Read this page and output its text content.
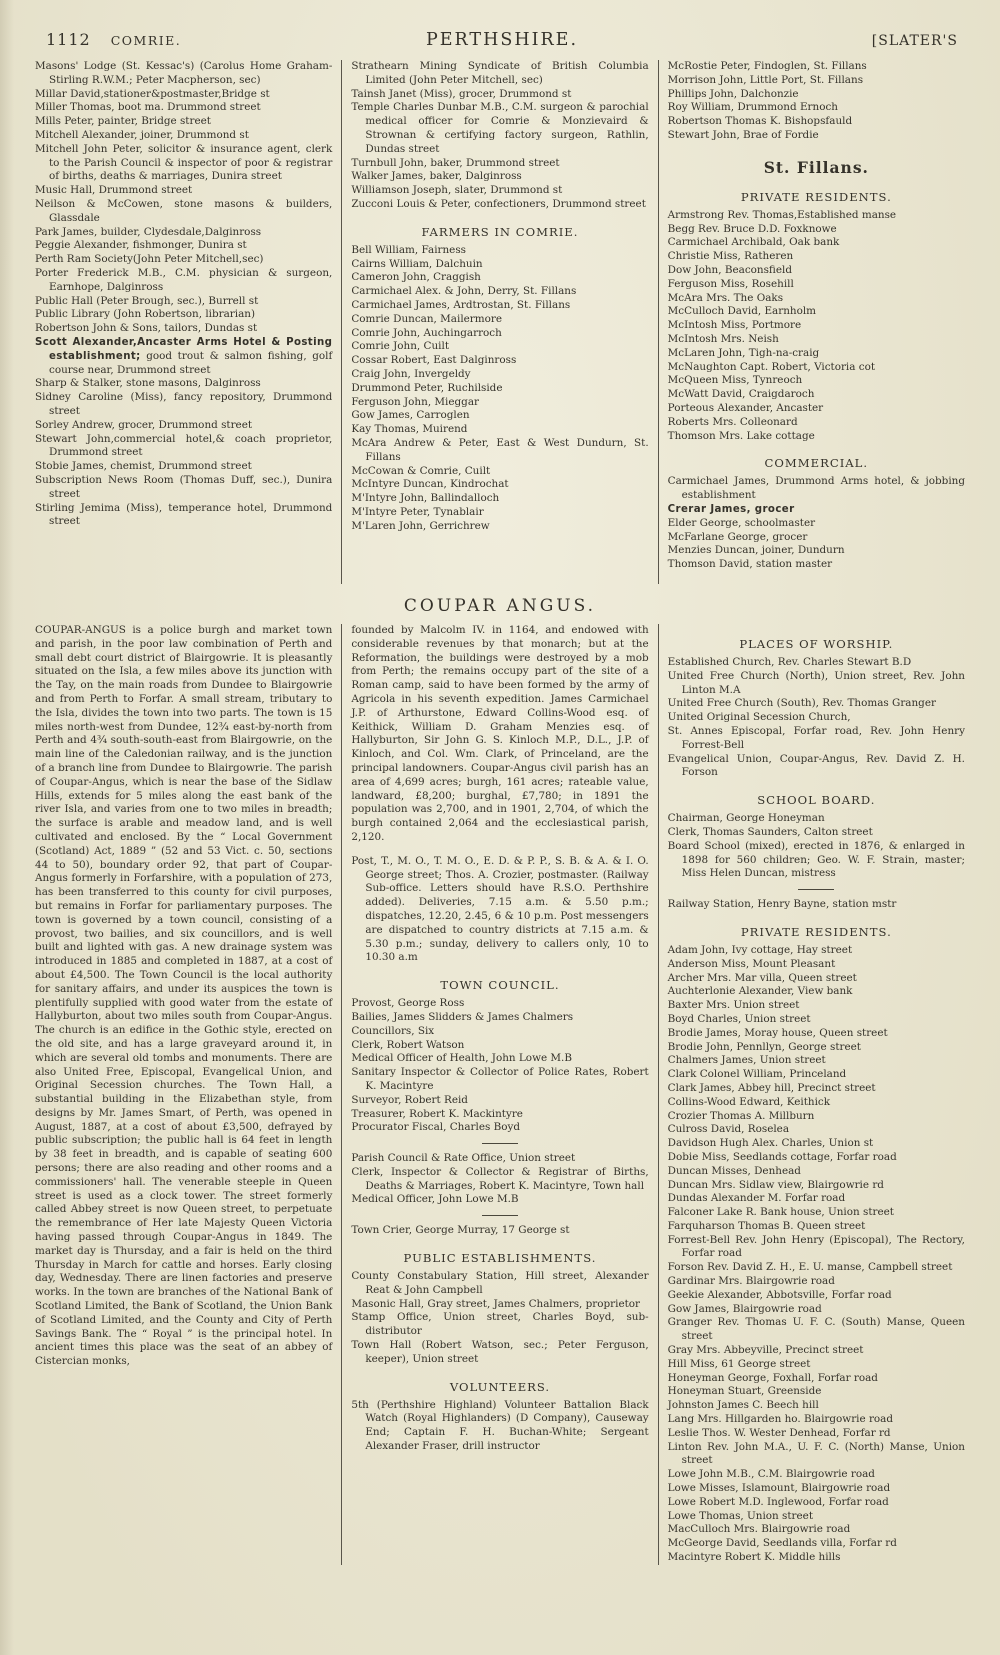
1112 COMRIE.	PERTHSHIRE.	[SLATER'S
Masons' Lodge (St. Kessac's) (Carolus Home Graham-Stirling R.W.M.; Peter Macpherson, sec)
Millar David,stationer&postmaster,Bridge st
Miller Thomas, boot ma. Drummond street
Mills Peter, painter, Bridge street
Mitchell Alexander, joiner, Drummond st
Mitchell John Peter, solicitor & insurance agent, clerk to the Parish Council & inspector of poor & registrar of births, deaths & marriages, Dunira street
Music Hall, Drummond street
Neilson & McCowen, stone masons & builders, Glassdale
Park James, builder, Clydesdale,Dalginross
Peggie Alexander, fishmonger, Dunira st
Perth Ram Society(John Peter Mitchell,sec)
Porter Frederick M.B., C.M. physician & surgeon, Earnhope, Dalginross
Public Hall (Peter Brough, sec.), Burrell st
Public Library (John Robertson, librarian)
Robertson John & Sons, tailors, Dundas st
Scott Alexander,Ancaster Arms Hotel & Posting establishment; good trout & salmon fishing, golf course near, Drummond street
Sharp & Stalker, stone masons, Dalginross
Sidney Caroline (Miss), fancy repository, Drummond street
Sorley Andrew, grocer, Drummond street
Stewart John,commercial hotel,& coach proprietor, Drummond street
Stobie James, chemist, Drummond street
Subscription News Room (Thomas Duff, sec.), Dunira street
Stirling Jemima (Miss), temperance hotel, Drummond street
Strathearn Mining Syndicate of British Columbia Limited (John Peter Mitchell, sec)
Tainsh Janet (Miss), grocer, Drummond st
Temple Charles Dunbar M.B., C.M. surgeon & parochial medical officer for Comrie & Monzievaird & Strownan & certifying factory surgeon, Rathlin, Dundas street
Turnbull John, baker, Drummond street
Walker James, baker, Dalginross
Williamson Joseph, slater, Drummond st
Zucconi Louis & Peter, confectioners, Drummond street
FARMERS IN COMRIE.
Bell William, Fairness
Cairns William, Dalchuin
Cameron John, Craggish
Carmichael Alex. & John, Derry, St. Fillans
Carmichael James, Ardtrostan, St. Fillans
Comrie Duncan, Mailermore
Comrie John, Auchingarroch
Comrie John, Cuilt
Cossar Robert, East Dalginross
Craig John, Invergeldy
Drummond Peter, Ruchilside
Ferguson John, Mieggar
Gow James, Carroglen
Kay Thomas, Muirend
McAra Andrew & Peter, East & West Dundurn, St. Fillans
McCowan & Comrie, Cuilt
McIntyre Duncan, Kindrochat
M'Intyre John, Ballindalloch
M'Intyre Peter, Tynablair
M'Laren John, Gerrichrew
McRostie Peter, Findoglen, St. Fillans
Morrison John, Little Port, St. Fillans
Phillips John, Dalchonzie
Roy William, Drummond Ernoch
Robertson Thomas K. Bishopsfauld
Stewart John, Brae of Fordie
St. Fillans.
PRIVATE RESIDENTS.
Armstrong Rev. Thomas,Established manse
Begg Rev. Bruce D.D. Foxknowe
Carmichael Archibald, Oak bank
Christie Miss, Ratheren
Dow John, Beaconsfield
Ferguson Miss, Rosehill
McAra Mrs. The Oaks
McCulloch David, Earnholm
McIntosh Miss, Portmore
McIntosh Mrs. Neish
McLaren John, Tigh-na-craig
McNaughton Capt. Robert, Victoria cot
McQueen Miss, Tynreoch
McWatt David, Craigdaroch
Porteous Alexander, Ancaster
Roberts Mrs. Colleonard
Thomson Mrs. Lake cottage
COMMERCIAL.
Carmichael James, Drummond Arms hotel, & jobbing establishment
Crerar James, grocer
Elder George, schoolmaster
McFarlane George, grocer
Menzies Duncan, joiner, Dundurn
Thomson David, station master
COUPAR ANGUS.
COUPAR-ANGUS is a police burgh and market town and parish, in the poor law combination of Perth and small debt court district of Blairgowrie. It is pleasantly situated on the Isla, a few miles above its junction with the Tay, on the main roads from Dundee to Blairgowrie and from Perth to Forfar. A small stream, tributary to the Isla, divides the town into two parts. The town is 15 miles north-west from Dundee, 12¾ east-by-north from Perth and 4¾ south-south-east from Blairgowrie, on the main line of the Caledonian railway, and is the junction of a branch line from Dundee to Blairgowrie. The parish of Coupar-Angus, which is near the base of the Sidlaw Hills, extends for 5 miles along the east bank of the river Isla, and varies from one to two miles in breadth; the surface is arable and meadow land, and is well cultivated and enclosed. By the “ Local Government (Scotland) Act, 1889 ” (52 and 53 Vict. c. 50, sections 44 to 50), boundary order 92, that part of Coupar-Angus formerly in Forfarshire, with a population of 273, has been transferred to this county for civil purposes, but remains in Forfar for parliamentary purposes. The town is governed by a town council, consisting of a provost, two bailies, and six councillors, and is well built and lighted with gas. A new drainage system was introduced in 1885 and completed in 1887, at a cost of about £4,500. The Town Council is the local authority for sanitary affairs, and under its auspices the town is plentifully supplied with good water from the estate of Hallyburton, about two miles south from Coupar-Angus. The church is an edifice in the Gothic style, erected on the old site, and has a large graveyard around it, in which are several old tombs and monuments. There are also United Free, Episcopal, Evangelical Union, and Original Secession churches. The Town Hall, a substantial building in the Elizabethan style, from designs by Mr. James Smart, of Perth, was opened in August, 1887, at a cost of about £3,500, defrayed by public subscription; the public hall is 64 feet in length by 38 feet in breadth, and is capable of seating 600 persons; there are also reading and other rooms and a commissioners' hall. The venerable steeple in Queen street is used as a clock tower. The street formerly called Abbey street is now Queen street, to perpetuate the remembrance of Her late Majesty Queen Victoria having passed through Coupar-Angus in 1849. The market day is Thursday, and a fair is held on the third Thursday in March for cattle and horses. Early closing day, Wednesday. There are linen factories and preserve works. In the town are branches of the National Bank of Scotland Limited, the Bank of Scotland, the Union Bank of Scotland Limited, and the County and City of Perth Savings Bank. The “ Royal ” is the principal hotel. In ancient times this place was the seat of an abbey of Cistercian monks,
founded by Malcolm IV. in 1164, and endowed with considerable revenues by that monarch; but at the Reformation, the buildings were destroyed by a mob from Perth; the remains occupy part of the site of a Roman camp, said to have been formed by the army of Agricola in his seventh expedition. James Carmichael J.P. of Arthurstone, Edward Collins-Wood esq. of Keithick, William D. Graham Menzies esq. of Hallyburton, Sir John G. S. Kinloch M.P., D.L., J.P. of Kinloch, and Col. Wm. Clark, of Princeland, are the principal landowners. Coupar-Angus civil parish has an area of 4,699 acres; burgh, 161 acres; rateable value, landward, £8,200; burghal, £7,780; in 1891 the population was 2,700, and in 1901, 2,704, of which the burgh contained 2,064 and the ecclesiastical parish, 2,120.
Post, T., M. O., T. M. O., E. D. & P. P., S. B. & A. & I. O. George street; Thos. A. Crozier, postmaster. (Railway Sub-office. Letters should have R.S.O. Perthshire added). Deliveries, 7.15 a.m. & 5.50 p.m.; dispatches, 12.20, 2.45, 6 & 10 p.m. Post messengers are dispatched to country districts at 7.15 a.m. & 5.30 p.m.; sunday, delivery to callers only, 10 to 10.30 a.m
TOWN COUNCIL.
Provost, George Ross
Bailies, James Slidders & James Chalmers
Councillors, Six
Clerk, Robert Watson
Medical Officer of Health, John Lowe M.B
Sanitary Inspector & Collector of Police Rates, Robert K. Macintyre
Surveyor, Robert Reid
Treasurer, Robert K. Mackintyre
Procurator Fiscal, Charles Boyd
Parish Council & Rate Office, Union street
Clerk, Inspector & Collector & Registrar of Births, Deaths & Marriages, Robert K. Macintyre, Town hall
Medical Officer, John Lowe M.B
Town Crier, George Murray, 17 George st
PUBLIC ESTABLISHMENTS.
County Constabulary Station, Hill street, Alexander Reat & John Campbell
Masonic Hall, Gray street, James Chalmers, proprietor
Stamp Office, Union street, Charles Boyd, sub-distributor
Town Hall (Robert Watson, sec.; Peter Ferguson, keeper), Union street
VOLUNTEERS.
5th (Perthshire Highland) Volunteer Battalion Black Watch (Royal Highlanders) (D Company), Causeway End; Captain F. H. Buchan-White; Sergeant Alexander Fraser, drill instructor
PLACES OF WORSHIP.
Established Church, Rev. Charles Stewart B.D
United Free Church (North), Union street, Rev. John Linton M.A
United Free Church (South), Rev. Thomas Granger
United Original Secession Church,
St. Annes Episcopal, Forfar road, Rev. John Henry Forrest-Bell
Evangelical Union, Coupar-Angus, Rev. David Z. H. Forson
SCHOOL BOARD.
Chairman, George Honeyman
Clerk, Thomas Saunders, Calton street
Board School (mixed), erected in 1876, & enlarged in 1898 for 560 children; Geo. W. F. Strain, master; Miss Helen Duncan, mistress
Railway Station, Henry Bayne, station mstr
PRIVATE RESIDENTS.
Adam John, Ivy cottage, Hay street
Anderson Miss, Mount Pleasant
Archer Mrs. Mar villa, Queen street
Auchterlonie Alexander, View bank
Baxter Mrs. Union street
Boyd Charles, Union street
Brodie James, Moray house, Queen street
Brodie John, Pennllyn, George street
Chalmers James, Union street
Clark Colonel William, Princeland
Clark James, Abbey hill, Precinct street
Collins-Wood Edward, Keithick
Crozier Thomas A. Millburn
Culross David, Roselea
Davidson Hugh Alex. Charles, Union st
Dobie Miss, Seedlands cottage, Forfar road
Duncan Misses, Denhead
Duncan Mrs. Sidlaw view, Blairgowrie rd
Dundas Alexander M. Forfar road
Falconer Lake R. Bank house, Union street
Farquharson Thomas B. Queen street
Forrest-Bell Rev. John Henry (Episcopal), The Rectory, Forfar road
Forson Rev. David Z. H., E. U. manse, Campbell street
Gardinar Mrs. Blairgowrie road
Geekie Alexander, Abbotsville, Forfar road
Gow James, Blairgowrie road
Granger Rev. Thomas U. F. C. (South) Manse, Queen street
Gray Mrs. Abbeyville, Precinct street
Hill Miss, 61 George street
Honeyman George, Foxhall, Forfar road
Honeyman Stuart, Greenside
Johnston James C. Beech hill
Lang Mrs. Hillgarden ho. Blairgowrie road
Leslie Thos. W. Wester Denhead, Forfar rd
Linton Rev. John M.A., U. F. C. (North) Manse, Union street
Lowe John M.B., C.M. Blairgowrie road
Lowe Misses, Islamount, Blairgowrie road
Lowe Robert M.D. Inglewood, Forfar road
Lowe Thomas, Union street
MacCulloch Mrs. Blairgowrie road
McGeorge David, Seedlands villa, Forfar rd
Macintyre Robert K. Middle hills
